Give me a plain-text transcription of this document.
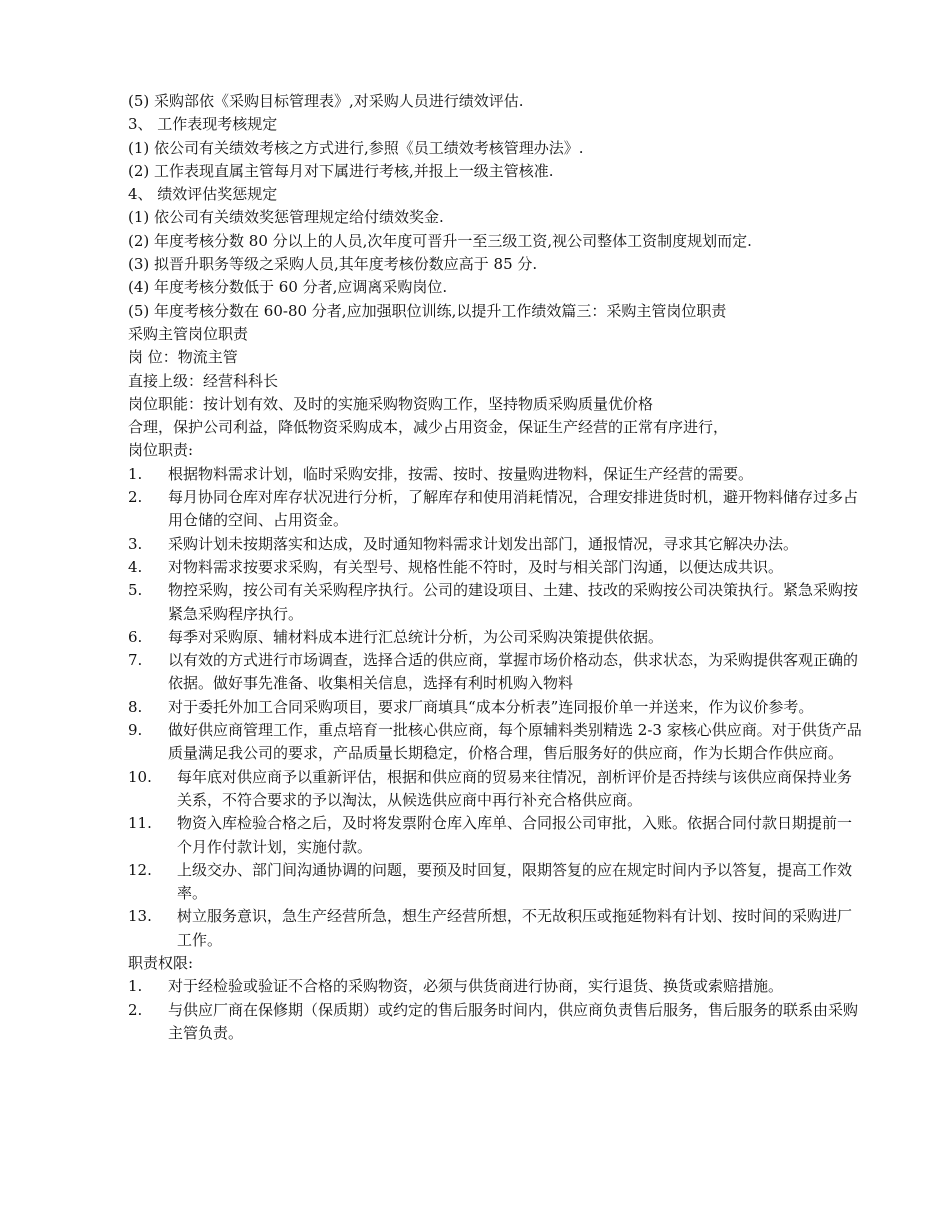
(5) 采购部依《采购目标管理表》,对采购人员进行绩效评估.

3、 工作表现考核规定

(1) 依公司有关绩效考核之方式进行,参照《员工绩效考核管理办法》.

(2) 工作表现直属主管每月对下属进行考核,并报上一级主管核准.

4、 绩效评估奖惩规定

(1) 依公司有关绩效奖惩管理规定给付绩效奖金.

(2) 年度考核分数 80 分以上的人员,次年度可晋升一至三级工资,视公司整体工资制度规划而定.

(3) 拟晋升职务等级之采购人员,其年度考核份数应高于 85 分.

(4) 年度考核分数低于 60 分者,应调离采购岗位.

(5) 年度考核分数在 60-80 分者,应加强职位训练,以提升工作绩效篇三：采购主管岗位职责

采购主管岗位职责

岗 位：物流主管

直接上级：经营科科长

岗位职能：按计划有效、及时的实施采购物资购工作，坚持物质采购质量优价格

合理，保护公司利益，降低物资采购成本，减少占用资金，保证生产经营的正常有序进行，

岗位职责:

1.	根据物料需求计划，临时采购安排，按需、按时、按量购进物料，保证生产经营的需要。
2.	每月协同仓库对库存状况进行分析，了解库存和使用消耗情况，合理安排进货时机，避开物料储存过多占用仓储的空间、占用资金。
3.	采购计划未按期落实和达成，及时通知物料需求计划发出部门，通报情况，寻求其它解决办法。
4.	对物料需求按要求采购，有关型号、规格性能不符时，及时与相关部门沟通，以便达成共识。
5.	物控采购，按公司有关采购程序执行。公司的建设项目、土建、技改的采购按公司决策执行。紧急采购按紧急采购程序执行。
6.	每季对采购原、辅材料成本进行汇总统计分析，为公司采购决策提供依据。
7.	以有效的方式进行市场调查，选择合适的供应商，掌握市场价格动态，供求状态，为采购提供客观正确的依据。做好事先准备、收集相关信息，选择有利时机购入物料
8.	对于委托外加工合同采购项目，要求厂商填具“成本分析表”连同报价单一并送来，作为议价参考。
9.	做好供应商管理工作，重点培育一批核心供应商，每个原辅料类别精选 2-3 家核心供应商。对于供货产品质量满足我公司的要求，产品质量长期稳定，价格合理，售后服务好的供应商，作为长期合作供应商。
10.	每年底对供应商予以重新评估，根据和供应商的贸易来往情况，剖析评价是否持续与该供应商保持业务关系，不符合要求的予以淘汰，从候选供应商中再行补充合格供应商。
11.	物资入库检验合格之后，及时将发票附仓库入库单、合同报公司审批，入账。依据合同付款日期提前一个月作付款计划，实施付款。
12.	上级交办、部门间沟通协调的问题，要预及时回复，限期答复的应在规定时间内予以答复，提高工作效率。
13.	树立服务意识，急生产经营所急，想生产经营所想，不无故积压或拖延物料有计划、按时间的采购进厂工作。

职责权限:

1.	对于经检验或验证不合格的采购物资，必须与供货商进行协商，实行退货、换货或索赔措施。
2.	与供应厂商在保修期（保质期）或约定的售后服务时间内，供应商负责售后服务，售后服务的联系由采购主管负责。
